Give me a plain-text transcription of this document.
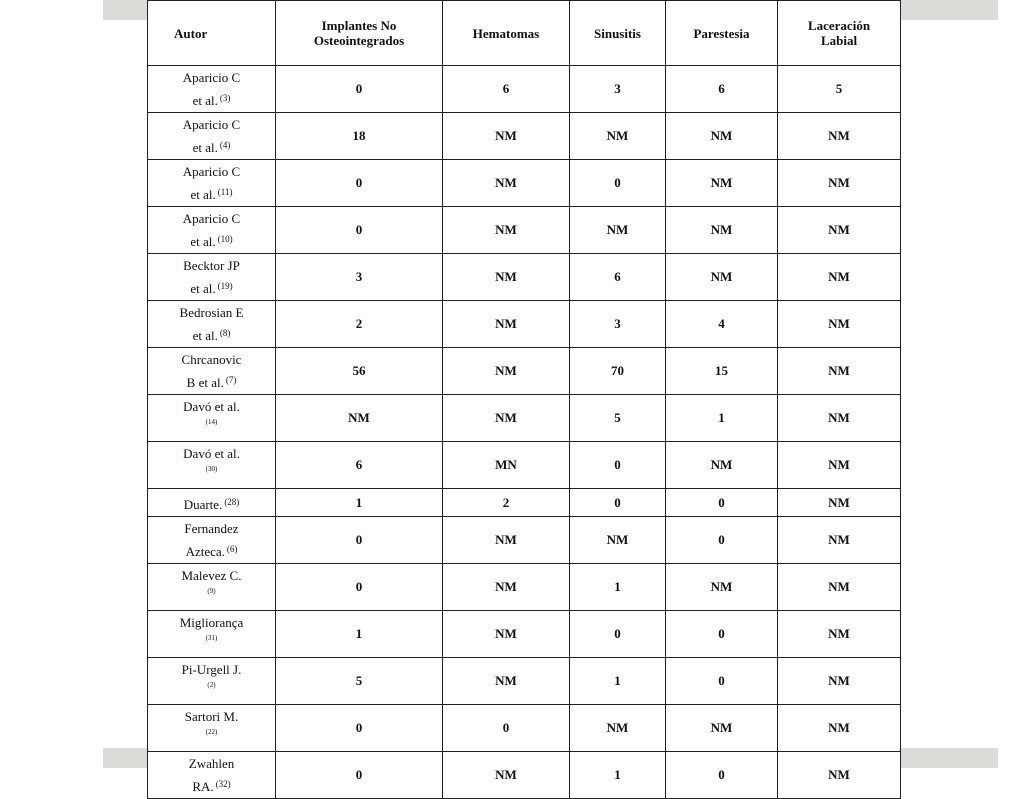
Autor	Implantes No Osteointegrados	Hematomas	Sinusitis	Parestesia	Laceración Labial

Aparicio C
et al. $^{(3)}$	0	6	3	6	5

Aparicio C
et al. $^{(4)}$	18	NM	NM	NM	NM

Aparicio C
et al. $^{(11)}$	0	NM	0	NM	NM

Aparicio C
et al. $^{(10)}$	0	NM	NM	NM	NM

Becktor JP
et al. $^{(19)}$	3	NM	6	NM	NM

Bedrosian E
et al. $^{(8)}$	2	NM	3	4	NM

Chrcanovic
B et al. $^{(7)}$	56	NM	70	15	NM

Davó et al.
(14)	NM	NM	5	1	NM

Davó et al.
(30)	6	MN	0	NM	NM

Duarte. $^{(28)}$	1	2	0	0	NM

Fernandez
Azteca. $^{(6)}$	0	NM	NM	0	NM

Malevez C.
(9)	0	NM	1	NM	NM

Migliorança
(31)	1	NM	0	0	NM

Pi-Urgell J.
(2)	5	NM	1	0	NM

Sartori M.
(22)	0	0	NM	NM	NM

Zwahlen
RA. $^{(32)}$	0	NM	1	0	NM
